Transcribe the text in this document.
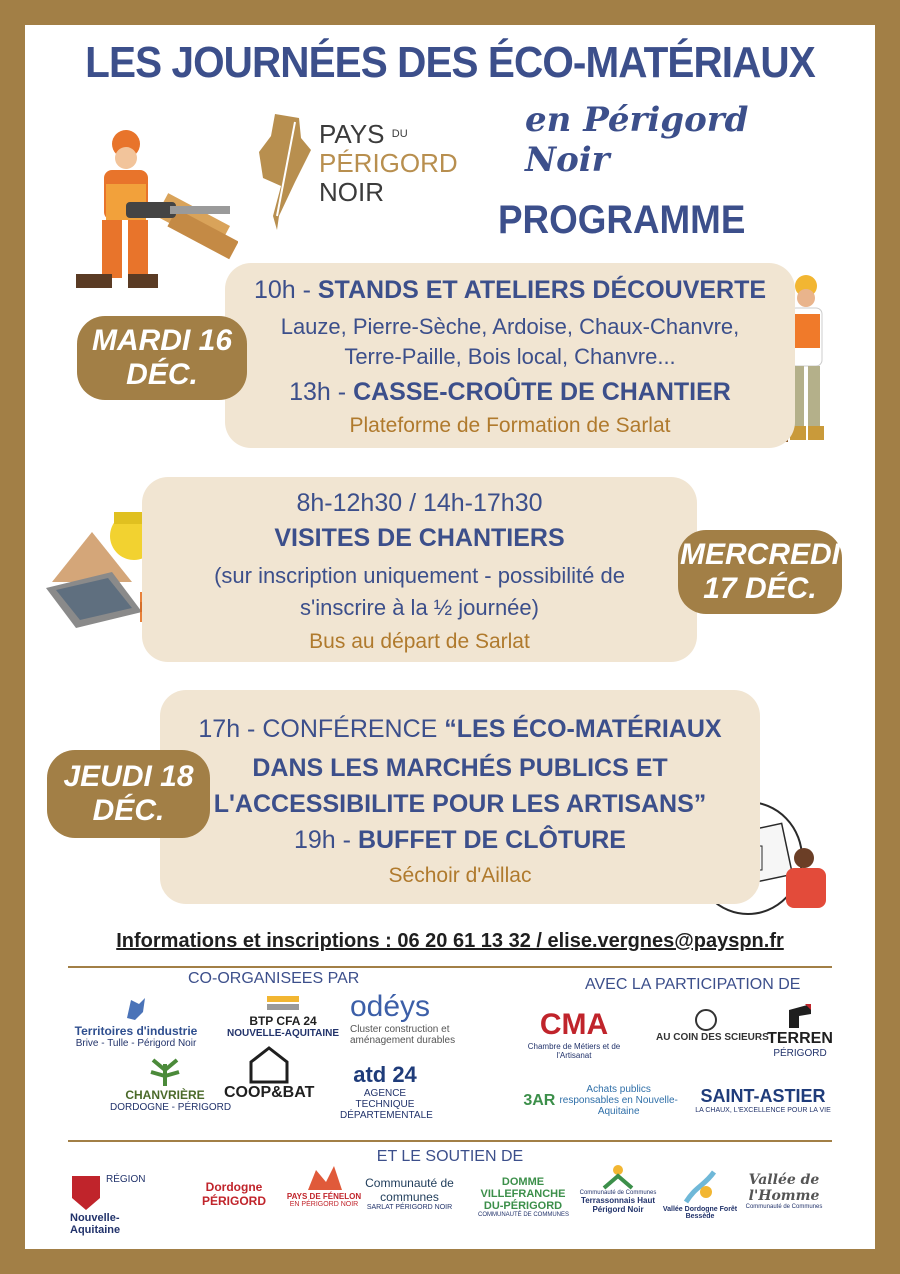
LES JOURNÉES DES ÉCO-MATÉRIAUX
en Périgord Noir
PAYS $^{DU}$
PÉRIGORD
NOIR
PROGRAMME
MARDI 16
DÉC.
10h - STANDS ET ATELIERS DÉCOUVERTE
Lauze, Pierre-Sèche, Ardoise, Chaux-Chanvre,
Terre-Paille, Bois local, Chanvre...
13h - CASSE-CROÛTE DE CHANTIER
Plateforme de Formation de Sarlat
MERCREDI
17 DÉC.
8h-12h30 / 14h-17h30
VISITES DE CHANTIERS
(sur inscription uniquement - possibilité de
s'inscrire à la ½ journée)
Bus au départ de Sarlat
JEUDI 18
DÉC.
17h - CONFÉRENCE “LES ÉCO-MATÉRIAUX
DANS LES MARCHÉS PUBLICS ET
L'ACCESSIBILITE POUR LES ARTISANS”
19h - BUFFET DE CLÔTURE
Séchoir d'Aillac
Informations et inscriptions : 06 20 61 13 32 / elise.vergnes@payspn.fr
CO-ORGANISEES PAR	AVEC LA PARTICIPATION DE
Territoires d'industrie
Brive - Tulle - Périgord Noir
BTP CFA 24
NOUVELLE-AQUITAINE
odéys
Cluster construction et aménagement durables
CHANVRIÈRE
DORDOGNE - PÉRIGORD
COOP&BAT
atd 24
AGENCE TECHNIQUE DÉPARTEMENTALE
CMA
Chambre de Métiers et de l'Artisanat
AU COIN DES SCIEURS
TERREN
PÉRIGORD
3AR Achats publics responsables en Nouvelle-Aquitaine
SAINT-ASTIER
LA CHAUX, L'EXCELLENCE POUR LA VIE
ET LE SOUTIEN DE
RÉGION
Nouvelle-Aquitaine
Dordogne PÉRIGORD	PAYS DE FÉNELON
EN PÉRIGORD NOIR
Communauté de communes
SARLAT PÉRIGORD NOIR
DOMME VILLEFRANCHE DU-PÉRIGORD
COMMUNAUTÉ DE COMMUNES
Communauté de Communes
Terrassonnais Haut Périgord Noir	Vallée Dordogne Forêt Bessède
Vallée de l'Homme
Communauté de Communes
